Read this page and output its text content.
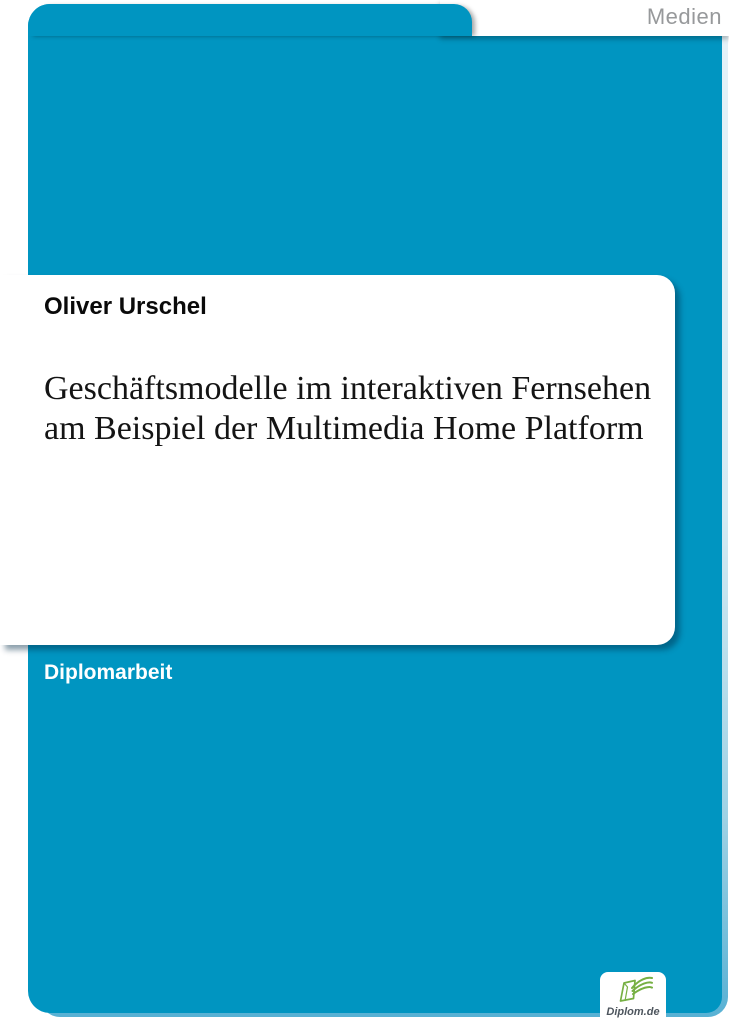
Medien

Oliver Urschel

Geschäftsmodelle im interaktiven Fernsehen am Beispiel der Multimedia Home Platform
Diplomarbeit
Diplom.de
